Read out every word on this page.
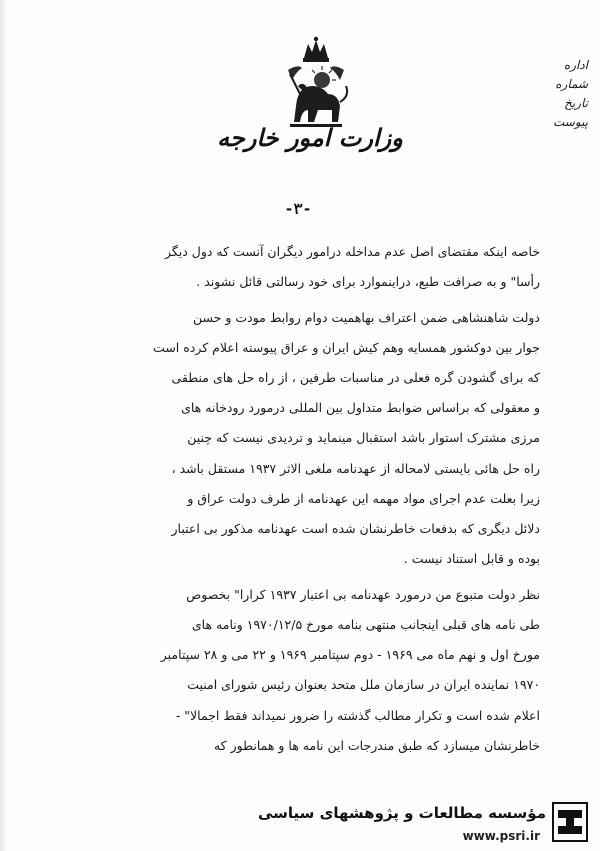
وزارت امور خارجه
اداره
شماره
تاریخ
پیوست
-۳-
خاصه اینکه مقتضای اصل عدم مداخله درامور دیگران آنست که دول دیگر
رأسا" و به صرافت طبع، دراینموارد برای خود رسالتی قائل نشوند .
دولت شاهنشاهی ضمن اعتراف بهاهمیت دوام روابط مودت و حسن
جوار بین دوکشور همسایه وهم کیش ایران و عراق پیوسته اعلام کرده است
که برای گشودن گره فعلی در مناسبات طرفین ، از راه حل های منطقی
و معقولی که براساس ضوابط متداول بین المللی درمورد رودخانه های
مرزی مشترک استوار باشد استقبال مینماید و تردیدی نیست که چنین
راه حل هائی بایستی لامحاله از عهدنامه ملغی الاثر ۱۹۳۷ مستقل باشد ،
زیرا بعلت عدم اجرای مواد مهمه این عهدنامه از طرف دولت عراق و
دلائل دیگری که بدفعات خاطرنشان شده است عهدنامه مذکور بی اعتبار
بوده و قابل استناد نیست .
نظر دولت متبوع من درمورد عهدنامه بی اعتبار ۱۹۳۷ کرارا" بخصوص
طی نامه های قبلی اینجانب منتهی بنامه مورخ ۱۹۷۰/۱۲/۵ ونامه های
مورخ اول و نهم ماه می ۱۹۶۹ - دوم سپتامبر ۱۹۶۹ و ۲۲ می و ۲۸ سپتامبر
۱۹۷۰ نماینده ایران در سازمان ملل متحد بعنوان رئیس شورای امنیت
اعلام شده است و تکرار مطالب گذشته را ضرور نمیداند فقط اجمالا" -
خاطرنشان میسازد که طبق مندرجات این نامه ها و همانطور که
مؤسسه مطالعات و پژوهشهای سیاسی
www.psri.ir
